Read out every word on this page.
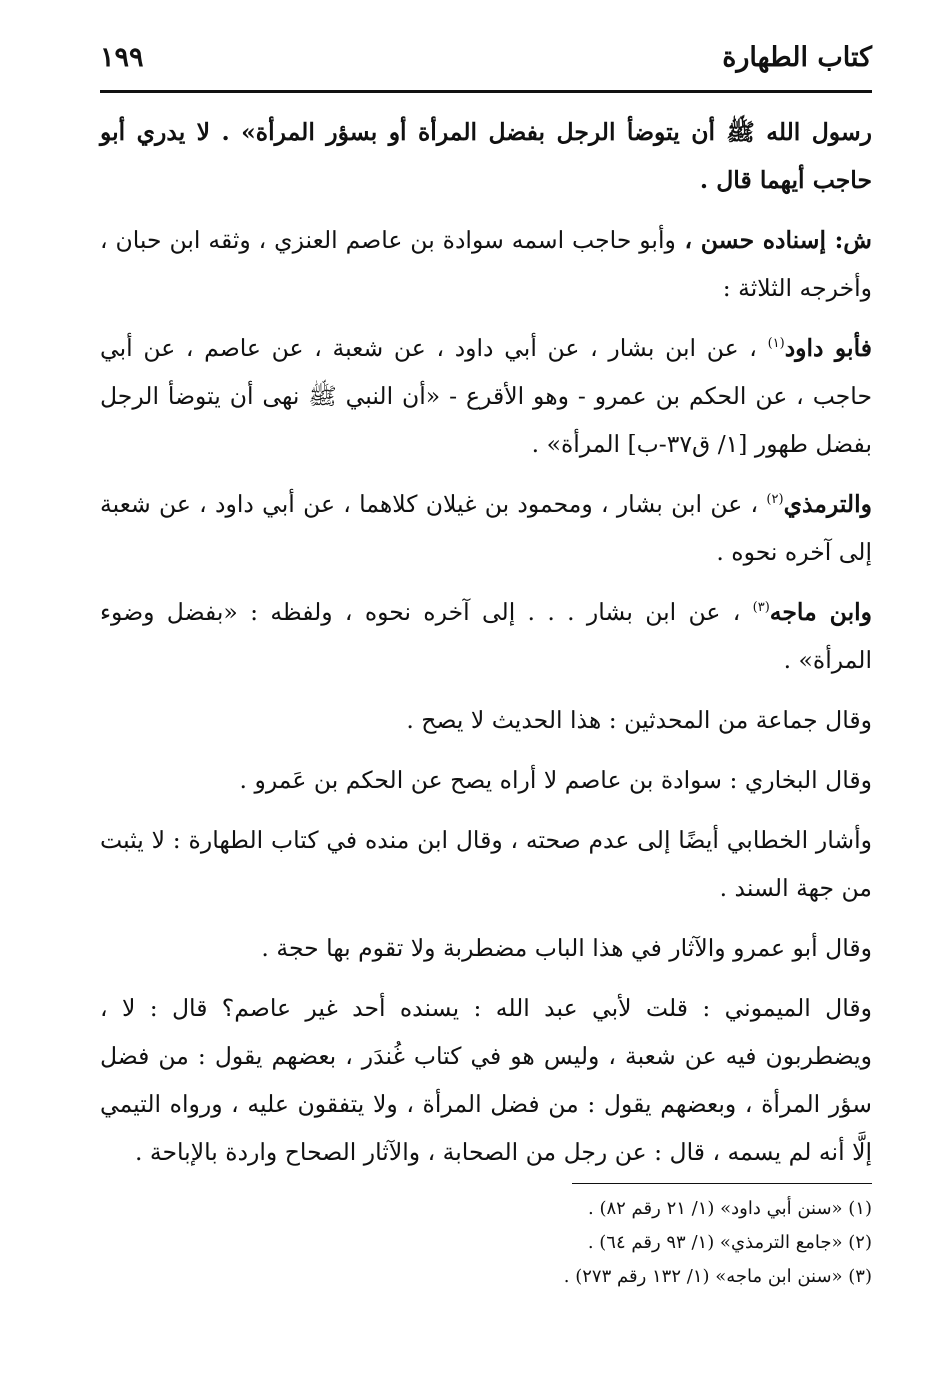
كتاب الطهارة
١٩٩

رسول الله ﷺ أن يتوضأ الرجل بفضل المرأة أو بسؤر المرأة» . لا يدري أبو حاجب أيهما قال .

ش: إسناده حسن ، وأبو حاجب اسمه سوادة بن عاصم العنزي ، وثقه ابن حبان ، وأخرجه الثلاثة :

فأبو داود$^{(١)}$ ، عن ابن بشار ، عن أبي داود ، عن شعبة ، عن عاصم ، عن أبي حاجب ، عن الحكم بن عمرو - وهو الأقرع - «أن النبي ﷺ نهى أن يتوضأ الرجل بفضل طهور [١/ ق٣٧-ب] المرأة» .

والترمذي$^{(٢)}$ ، عن ابن بشار ، ومحمود بن غيلان كلاهما ، عن أبي داود ، عن شعبة إلى آخره نحوه .

وابن ماجه$^{(٣)}$ ، عن ابن بشار . . . إلى آخره نحوه ، ولفظه : «بفضل وضوء المرأة» .

وقال جماعة من المحدثين : هذا الحديث لا يصح .

وقال البخاري : سوادة بن عاصم لا أراه يصح عن الحكم بن عَمرو .

وأشار الخطابي أيضًا إلى عدم صحته ، وقال ابن منده في كتاب الطهارة : لا يثبت من جهة السند .

وقال أبو عمرو والآثار في هذا الباب مضطربة ولا تقوم بها حجة .

وقال الميموني : قلت لأبي عبد الله : يسنده أحد غير عاصم؟ قال : لا ، ويضطربون فيه عن شعبة ، وليس هو في كتاب غُندَر ، بعضهم يقول : من فضل سؤر المرأة ، وبعضهم يقول : من فضل المرأة ، ولا يتفقون عليه ، ورواه التيمي إلَّا أنه لم يسمه ، قال : عن رجل من الصحابة ، والآثار الصحاح واردة بالإباحة .

(١) «سنن أبي داود» (١/ ٢١ رقم ٨٢) .
(٢) «جامع الترمذي» (١/ ٩٣ رقم ٦٤) .
(٣) «سنن ابن ماجه» (١/ ١٣٢ رقم ٢٧٣) .
